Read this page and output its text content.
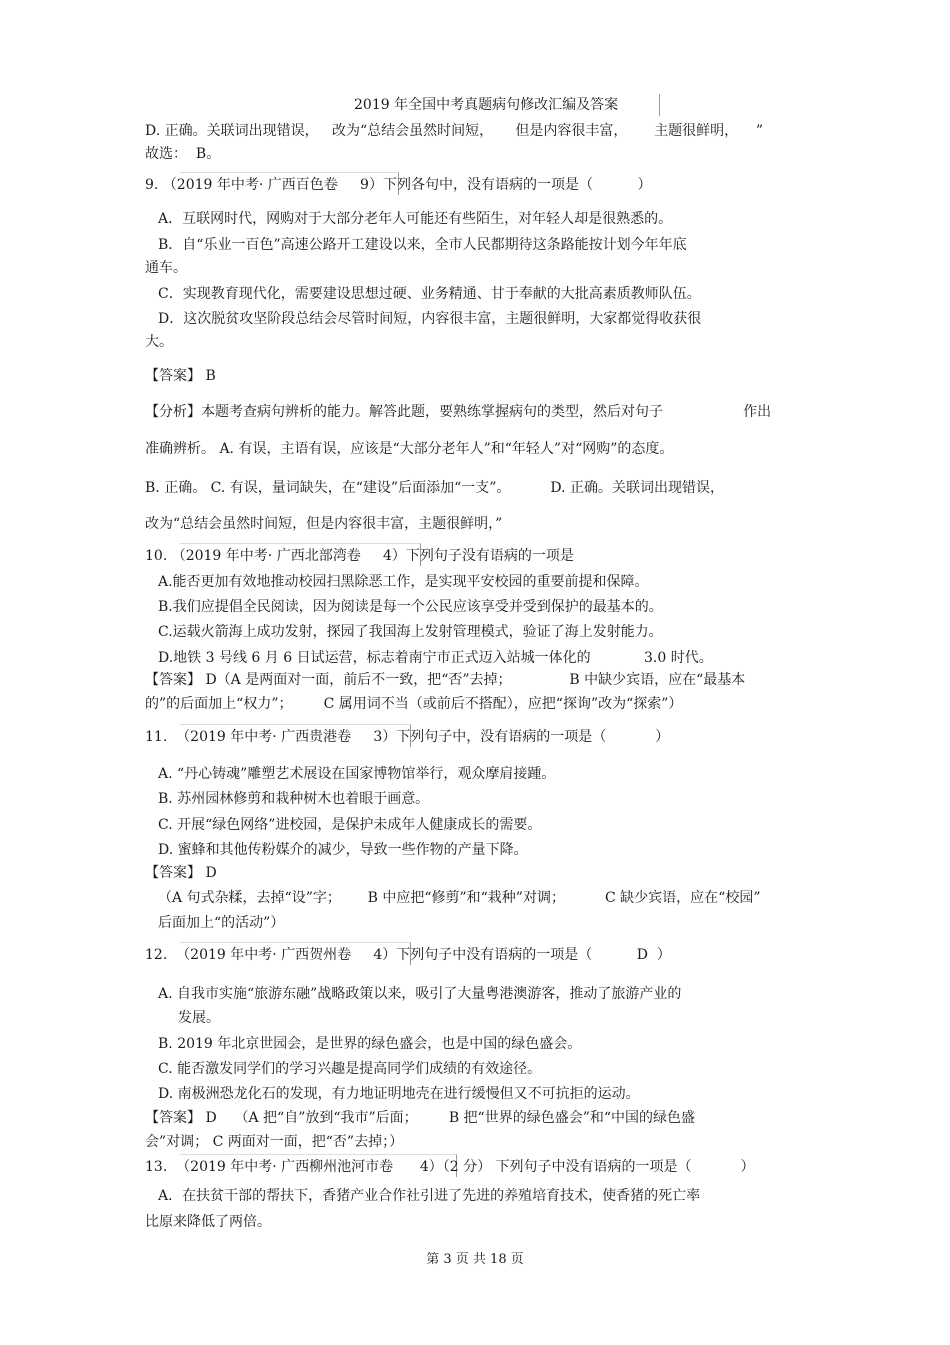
2019 年全国中考真题病句修改汇编及答案
D. 正确。关联词出现错误，   改为“总结会虽然时间短，     但是内容很丰富，      主题很鲜明，    ”
故选：  B。
9. （2019 年中考· 广西百色卷     9）下列各句中，没有语病的一项是（          ）
A．互联网时代，网购对于大部分老年人可能还有些陌生，对年轻人却是很熟悉的。
B．自“乐业一百色”高速公路开工建设以来，全市人民都期待这条路能按计划今年年底
通车。
C．实现教育现代化，需要建设思想过硬、业务精通、甘于奉献的大批高素质教师队伍。
D．这次脱贫攻坚阶段总结会尽管时间短，内容很丰富，主题很鲜明，大家都觉得收获很
大。
【答案】 B
【分析】本题考查病句辨析的能力。解答此题，要熟练掌握病句的类型，然后对句子                  作出
准确辨析。 A. 有误，主语有误，应该是“大部分老年人”和“年轻人”对“网购”的态度。
B. 正确。 C. 有误，量词缺失，在“建设”后面添加“一支”。         D. 正确。关联词出现错误，
改为“总结会虽然时间短，但是内容很丰富，主题很鲜明，”
10. （2019 年中考· 广西北部湾卷     4）下列句子没有语病的一项是
A.能否更加有效地推动校园扫黑除恶工作，是实现平安校园的重要前提和保障。
B.我们应提倡全民阅读，因为阅读是每一个公民应该享受并受到保护的最基本的。
C.运载火箭海上成功发射，探园了我国海上发射管理模式，验证了海上发射能力。
D.地铁 3 号线 6 月 6 日试运营，标志着南宁市正式迈入站城一体化的            3.0 时代。
【答案】 D（A 是两面对一面，前后不一致，把“否”去掉；             B 中缺少宾语，应在“最基本
的”的后面加上“权力”；       C 属用词不当（或前后不搭配），应把“探询”改为“探索”）
11.  （2019 年中考· 广西贵港卷     3）下列句子中，没有语病的一项是（           ）
A. “丹心铸魂”雕塑艺术展设在国家博物馆举行，观众摩肩接踵。
B. 苏州园林修剪和栽种树木也着眼于画意。
C. 开展“绿色网络”进校园，是保护未成年人健康成长的需要。
D. 蜜蜂和其他传粉媒介的减少，导致一些作物的产量下降。
【答案】 D
（A 句式杂糅，去掉“设”字；      B 中应把“修剪”和“栽种”对调；         C 缺少宾语，应在“校园”
后面加上“的活动”）
12.  （2019 年中考· 广西贺州卷     4）下列句子中没有语病的一项是（          D  ）
A. 自我市实施“旅游东融”战略政策以来，吸引了大量粤港澳游客，推动了旅游产业的
发展。
B. 2019 年北京世园会，是世界的绿色盛会，也是中国的绿色盛会。
C. 能否激发同学们的学习兴趣是提高同学们成绩的有效途径。
D. 南极洲恐龙化石的发现，有力地证明地壳在进行缓慢但又不可抗拒的运动。
【答案】 D    （A 把“自”放到“我市”后面；       B 把“世界的绿色盛会”和“中国的绿色盛
会”对调； C 两面对一面，把“否”去掉；）
13.  （2019 年中考· 广西柳州池河市卷      4）（2 分） 下列句子中没有语病的一项是（           ）
A．在扶贫干部的帮扶下，香猪产业合作社引进了先进的养殖培育技术，使香猪的死亡率
比原来降低了两倍。
第 3 页 共 18 页
